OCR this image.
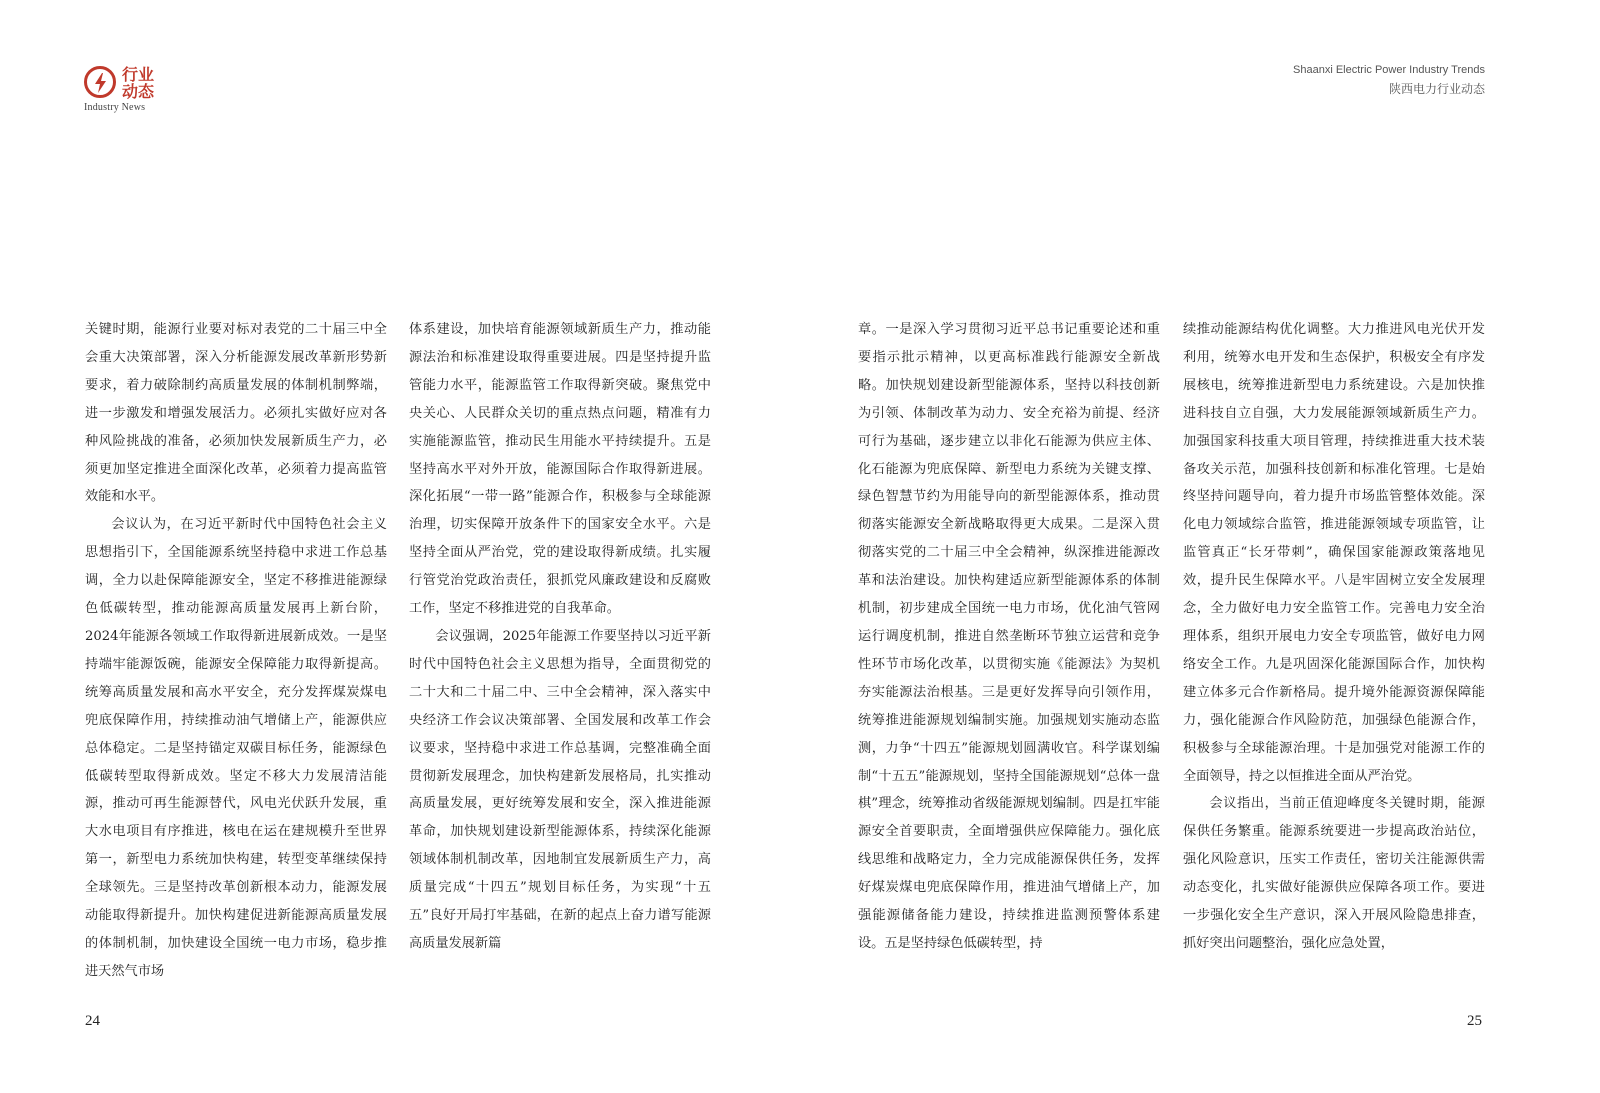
行业
动态
Industry News

关键时期，能源行业要对标对表党的二十届三中全会重大决策部署，深入分析能源发展改革新形势新要求，着力破除制约高质量发展的体制机制弊端，进一步激发和增强发展活力。必须扎实做好应对各种风险挑战的准备，必须加快发展新质生产力，必须更加坚定推进全面深化改革，必须着力提高监管效能和水平。

会议认为，在习近平新时代中国特色社会主义思想指引下，全国能源系统坚持稳中求进工作总基调，全力以赴保障能源安全，坚定不移推进能源绿色低碳转型，推动能源高质量发展再上新台阶，2024年能源各领域工作取得新进展新成效。一是坚持端牢能源饭碗，能源安全保障能力取得新提高。统筹高质量发展和高水平安全，充分发挥煤炭煤电兜底保障作用，持续推动油气增储上产，能源供应总体稳定。二是坚持锚定双碳目标任务，能源绿色低碳转型取得新成效。坚定不移大力发展清洁能源，推动可再生能源替代，风电光伏跃升发展，重大水电项目有序推进，核电在运在建规模升至世界第一，新型电力系统加快构建，转型变革继续保持全球领先。三是坚持改革创新根本动力，能源发展动能取得新提升。加快构建促进新能源高质量发展的体制机制，加快建设全国统一电力市场，稳步推进天然气市场

体系建设，加快培育能源领域新质生产力，推动能源法治和标准建设取得重要进展。四是坚持提升监管能力水平，能源监管工作取得新突破。聚焦党中央关心、人民群众关切的重点热点问题，精准有力实施能源监管，推动民生用能水平持续提升。五是坚持高水平对外开放，能源国际合作取得新进展。深化拓展“一带一路”能源合作，积极参与全球能源治理，切实保障开放条件下的国家安全水平。六是坚持全面从严治党，党的建设取得新成绩。扎实履行管党治党政治责任，狠抓党风廉政建设和反腐败工作，坚定不移推进党的自我革命。

会议强调，2025年能源工作要坚持以习近平新时代中国特色社会主义思想为指导，全面贯彻党的二十大和二十届二中、三中全会精神，深入落实中央经济工作会议决策部署、全国发展和改革工作会议要求，坚持稳中求进工作总基调，完整准确全面贯彻新发展理念，加快构建新发展格局，扎实推动高质量发展，更好统筹发展和安全，深入推进能源革命，加快规划建设新型能源体系，持续深化能源领域体制机制改革，因地制宜发展新质生产力，高质量完成“十四五”规划目标任务，为实现“十五五”良好开局打牢基础，在新的起点上奋力谱写能源高质量发展新篇

24
Shaanxi Electric Power Industry Trends
陕西电力行业动态

章。一是深入学习贯彻习近平总书记重要论述和重要指示批示精神，以更高标准践行能源安全新战略。加快规划建设新型能源体系，坚持以科技创新为引领、体制改革为动力、安全充裕为前提、经济可行为基础，逐步建立以非化石能源为供应主体、化石能源为兜底保障、新型电力系统为关键支撑、绿色智慧节约为用能导向的新型能源体系，推动贯彻落实能源安全新战略取得更大成果。二是深入贯彻落实党的二十届三中全会精神，纵深推进能源改革和法治建设。加快构建适应新型能源体系的体制机制，初步建成全国统一电力市场，优化油气管网运行调度机制，推进自然垄断环节独立运营和竞争性环节市场化改革，以贯彻实施《能源法》为契机夯实能源法治根基。三是更好发挥导向引领作用，统筹推进能源规划编制实施。加强规划实施动态监测，力争“十四五”能源规划圆满收官。科学谋划编制“十五五”能源规划，坚持全国能源规划“总体一盘棋”理念，统筹推动省级能源规划编制。四是扛牢能源安全首要职责，全面增强供应保障能力。强化底线思维和战略定力，全力完成能源保供任务，发挥好煤炭煤电兜底保障作用，推进油气增储上产，加强能源储备能力建设，持续推进监测预警体系建设。五是坚持绿色低碳转型，持

续推动能源结构优化调整。大力推进风电光伏开发利用，统筹水电开发和生态保护，积极安全有序发展核电，统筹推进新型电力系统建设。六是加快推进科技自立自强，大力发展能源领域新质生产力。加强国家科技重大项目管理，持续推进重大技术装备攻关示范，加强科技创新和标准化管理。七是始终坚持问题导向，着力提升市场监管整体效能。深化电力领域综合监管，推进能源领域专项监管，让监管真正“长牙带刺”，确保国家能源政策落地见效，提升民生保障水平。八是牢固树立安全发展理念，全力做好电力安全监管工作。完善电力安全治理体系，组织开展电力安全专项监管，做好电力网络安全工作。九是巩固深化能源国际合作，加快构建立体多元合作新格局。提升境外能源资源保障能力，强化能源合作风险防范，加强绿色能源合作，积极参与全球能源治理。十是加强党对能源工作的全面领导，持之以恒推进全面从严治党。

会议指出，当前正值迎峰度冬关键时期，能源保供任务繁重。能源系统要进一步提高政治站位，强化风险意识，压实工作责任，密切关注能源供需动态变化，扎实做好能源供应保障各项工作。要进一步强化安全生产意识，深入开展风险隐患排查，抓好突出问题整治，强化应急处置，

25
